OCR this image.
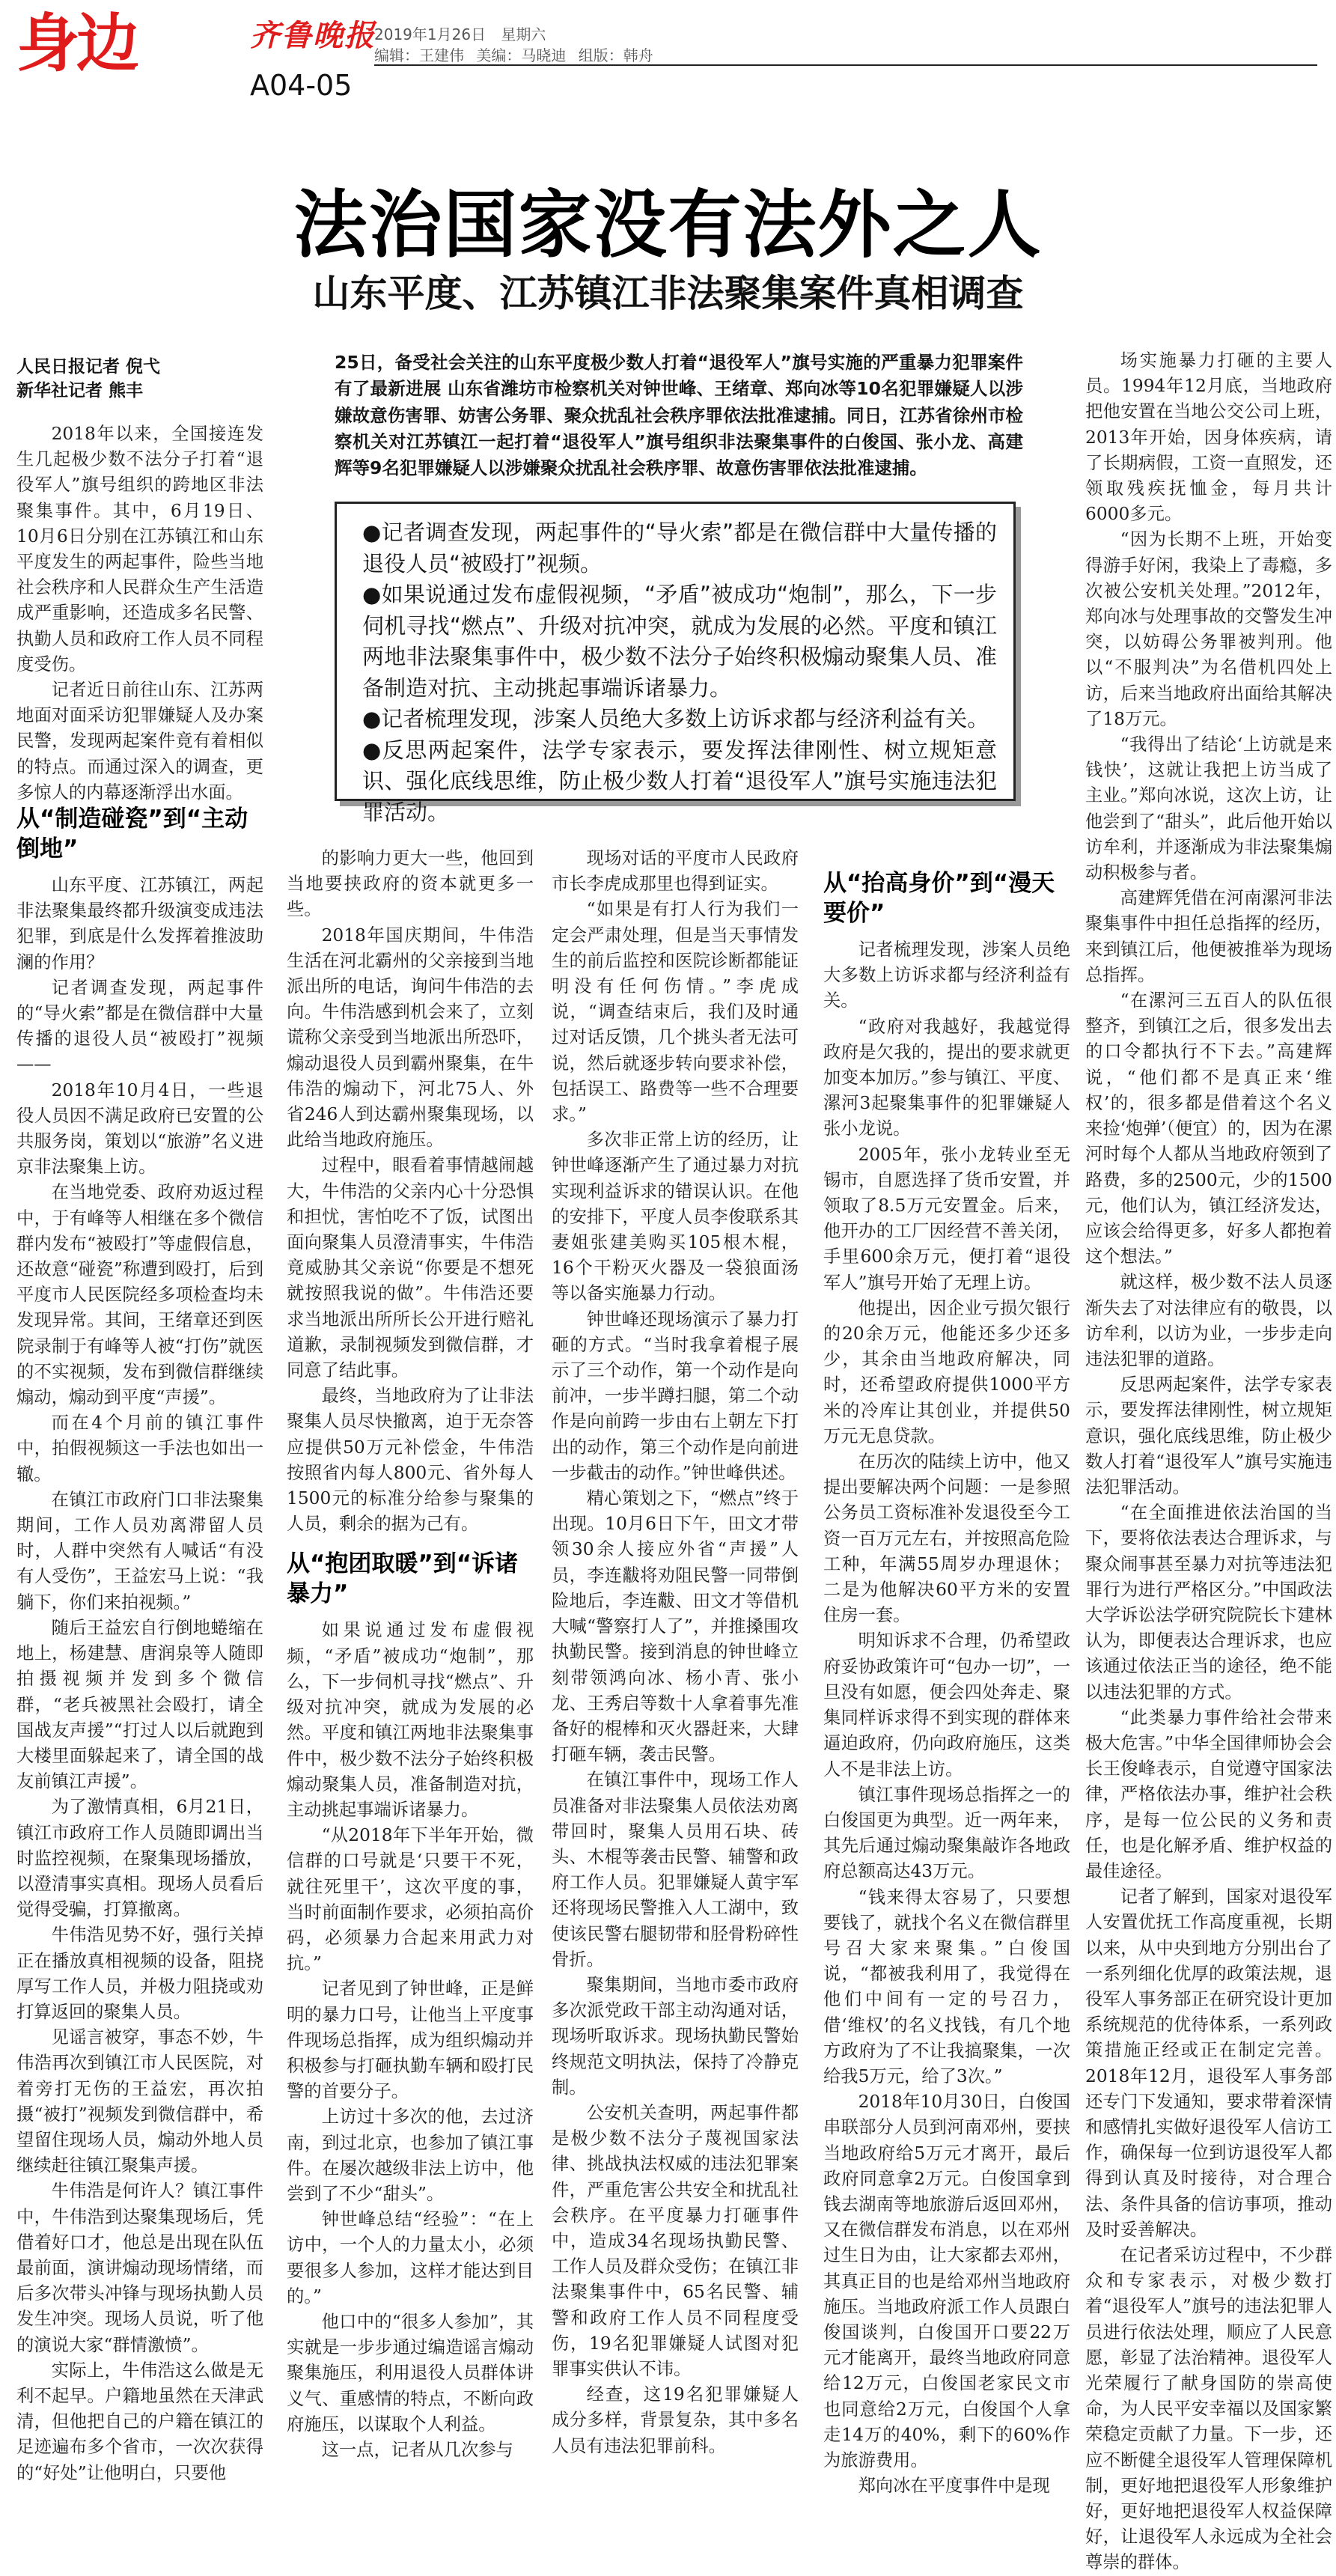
身边	齐鲁晚报
A04-05
2019年1月26日 星期六
编辑：王建伟 美编：马晓迪 组版：韩舟
法治国家没有法外之人
山东平度、江苏镇江非法聚集案件真相调查
人民日报记者 倪弋
新华社记者 熊丰
25日，备受社会关注的山东平度极少数人打着“退役军人”旗号实施的严重暴力犯罪案件有了最新进展 山东省潍坊市检察机关对钟世峰、王绪章、郑向冰等10名犯罪嫌疑人以涉嫌故意伤害罪、妨害公务罪、聚众扰乱社会秩序罪依法批准逮捕。同日，江苏省徐州市检察机关对江苏镇江一起打着“退役军人”旗号组织非法聚集事件的白俊国、张小龙、高建辉等9名犯罪嫌疑人以涉嫌聚众扰乱社会秩序罪、故意伤害罪依法批准逮捕。

●记者调查发现，两起事件的“导火索”都是在微信群中大量传播的退役人员“被殴打”视频。

●如果说通过发布虚假视频，“矛盾”被成功“炮制”，那么，下一步伺机寻找“燃点”、升级对抗冲突，就成为发展的必然。平度和镇江两地非法聚集事件中，极少数不法分子始终积极煽动聚集人员、准备制造对抗、主动挑起事端诉诸暴力。

●记者梳理发现，涉案人员绝大多数上访诉求都与经济利益有关。

●反思两起案件，法学专家表示，要发挥法律刚性、树立规矩意识、强化底线思维，防止极少数人打着“退役军人”旗号实施违法犯罪活动。

2018年以来，全国接连发生几起极少数不法分子打着“退役军人”旗号组织的跨地区非法聚集事件。其中，6月19日、10月6日分别在江苏镇江和山东平度发生的两起事件，险些当地社会秩序和人民群众生产生活造成严重影响，还造成多名民警、执勤人员和政府工作人员不同程度受伤。

记者近日前往山东、江苏两地面对面采访犯罪嫌疑人及办案民警，发现两起案件竟有着相似的特点。而通过深入的调查，更多惊人的内幕逐渐浮出水面。

从“制造碰瓷”到“主动倒地”

山东平度、江苏镇江，两起非法聚集最终都升级演变成违法犯罪，到底是什么发挥着推波助澜的作用？

记者调查发现，两起事件的“导火索”都是在微信群中大量传播的退役人员“被殴打”视频——

2018年10月4日，一些退役人员因不满足政府已安置的公共服务岗，策划以“旅游”名义进京非法聚集上访。

在当地党委、政府劝返过程中，于有峰等人相继在多个微信群内发布“被殴打”等虚假信息，还故意“碰瓷”称遭到殴打，后到平度市人民医院经多项检查均未发现异常。其间，王绪章还到医院录制于有峰等人被“打伤”就医的不实视频，发布到微信群继续煽动，煽动到平度“声援”。

而在4个月前的镇江事件中，拍假视频这一手法也如出一辙。

在镇江市政府门口非法聚集期间，工作人员劝离滞留人员时，人群中突然有人喊话“有没有人受伤”，王益宏马上说：“我躺下，你们来拍视频。”

随后王益宏自行倒地蜷缩在地上，杨建慧、唐润泉等人随即拍摄视频并发到多个微信群，“老兵被黑社会殴打，请全国战友声援”“打过人以后就跑到大楼里面躲起来了，请全国的战友前镇江声援”。

为了激情真相，6月21日，镇江市政府工作人员随即调出当时监控视频，在聚集现场播放，以澄清事实真相。现场人员看后觉得受骗，打算撤离。

牛伟浩见势不好，强行关掉正在播放真相视频的设备，阻挠厚写工作人员，并极力阻挠或劝打算返回的聚集人员。

见谣言被穿，事态不妙，牛伟浩再次到镇江市人民医院，对着旁打无伤的王益宏，再次拍摄“被打”视频发到微信群中，希望留住现场人员，煽动外地人员继续赶往镇江聚集声援。

牛伟浩是何许人？镇江事件中，牛伟浩到达聚集现场后，凭借着好口才，他总是出现在队伍最前面，演讲煽动现场情绪，而后多次带头冲锋与现场执勤人员发生冲突。现场人员说，听了他的演说大家“群情激愤”。

实际上，牛伟浩这么做是无利不起早。户籍地虽然在天津武清，但他把自己的户籍在镇江的足迹遍布多个省市，一次次获得的“好处”让他明白，只要他

的影响力更大一些，他回到当地要挟政府的资本就更多一些。

2018年国庆期间，牛伟浩生活在河北霸州的父亲接到当地派出所的电话，询问牛伟浩的去向。牛伟浩感到机会来了，立刻谎称父亲受到当地派出所恐吓，煽动退役人员到霸州聚集，在牛伟浩的煽动下，河北75人、外省246人到达霸州聚集现场，以此给当地政府施压。

过程中，眼看着事情越闹越大，牛伟浩的父亲内心十分恐惧和担忧，害怕吃不了饭，试图出面向聚集人员澄清事实，牛伟浩竟威胁其父亲说“你要是不想死就按照我说的做”。牛伟浩还要求当地派出所所长公开进行赔礼道歉，录制视频发到微信群，才同意了结此事。

最终，当地政府为了让非法聚集人员尽快撤离，迫于无奈答应提供50万元补偿金，牛伟浩按照省内每人800元、省外每人1500元的标准分给参与聚集的人员，剩余的据为己有。

从“抱团取暖”到“诉诸暴力”

如果说通过发布虚假视频，“矛盾”被成功“炮制”，那么，下一步伺机寻找“燃点”、升级对抗冲突，就成为发展的必然。平度和镇江两地非法聚集事件中，极少数不法分子始终积极煽动聚集人员，准备制造对抗，主动挑起事端诉诸暴力。

“从2018年下半年开始，微信群的口号就是‘只要干不死，就往死里干’，这次平度的事，当时前面制作要求，必须拍高价码，必须暴力合起来用武力对抗。”

记者见到了钟世峰，正是鲜明的暴力口号，让他当上平度事件现场总指挥，成为组织煽动并积极参与打砸执勤车辆和殴打民警的首要分子。

上访过十多次的他，去过济南，到过北京，也参加了镇江事件。在屡次越级非法上访中，他尝到了不少“甜头”。

钟世峰总结“经验”：“在上访中，一个人的力量太小，必须要很多人参加，这样才能达到目的。”

他口中的“很多人参加”，其实就是一步步通过编造谣言煽动聚集施压，利用退役人员群体讲义气、重感情的特点，不断向政府施压，以谋取个人利益。

这一点，记者从几次参与

现场对话的平度市人民政府市长李虎成那里也得到证实。

“如果是有打人行为我们一定会严肃处理，但是当天事情发生的前后监控和医院诊断都能证明没有任何伤情。”李虎成说，“调查结束后，我们及时通过对话反馈，几个挑头者无法可说，然后就逐步转向要求补偿，包括误工、路费等一些不合理要求。”

多次非正常上访的经历，让钟世峰逐渐产生了通过暴力对抗实现利益诉求的错误认识。在他的安排下，平度人员李俊联系其妻姐张建美购买105根木棍，16个干粉灭火器及一袋狼面汤等以备实施暴力行动。

钟世峰还现场演示了暴力打砸的方式。“当时我拿着棍子展示了三个动作，第一个动作是向前冲，一步半蹲扫腿，第二个动作是向前跨一步由右上朝左下打出的动作，第三个动作是向前进一步截击的动作。”钟世峰供述。

精心策划之下，“燃点”终于出现。10月6日下午，田文才带领30余人接应外省“声援”人员，李连黻将劝阻民警一同带倒险地后，李连黻、田文才等借机大喊“警察打人了”，并推搡围攻执勤民警。接到消息的钟世峰立刻带领鸿向冰、杨小青、张小龙、王秀启等数十人拿着事先准备好的棍棒和灭火器赶来，大肆打砸车辆，袭击民警。

在镇江事件中，现场工作人员准备对非法聚集人员依法劝离带回时，聚集人员用石块、砖头、木棍等袭击民警、辅警和政府工作人员。犯罪嫌疑人黄宇军还将现场民警推入人工湖中，致使该民警右腿韧带和胫骨粉碎性骨折。

聚集期间，当地市委市政府多次派党政干部主动沟通对话，现场听取诉求。现场执勤民警始终规范文明执法，保持了冷静克制。

公安机关查明，两起事件都是极少数不法分子蔑视国家法律、挑战执法权威的违法犯罪案件，严重危害公共安全和扰乱社会秩序。在平度暴力打砸事件中，造成34名现场执勤民警、工作人员及群众受伤；在镇江非法聚集事件中，65名民警、辅警和政府工作人员不同程度受伤，19名犯罪嫌疑人试图对犯罪事实供认不讳。

经查，这19名犯罪嫌疑人成分多样，背景复杂，其中多名人员有违法犯罪前科。

从“抬高身价”到“漫天要价”

记者梳理发现，涉案人员绝大多数上访诉求都与经济利益有关。

“政府对我越好，我越觉得政府是欠我的，提出的要求就更加变本加厉。”参与镇江、平度、漯河3起聚集事件的犯罪嫌疑人张小龙说。

2005年，张小龙转业至无锡市，自愿选择了货币安置，并领取了8.5万元安置金。后来，他开办的工厂因经营不善关闭，手里600余万元，便打着“退役军人”旗号开始了无理上访。

他提出，因企业亏损欠银行的20余万元，他能还多少还多少，其余由当地政府解决，同时，还希望政府提供1000平方米的冷库让其创业，并提供50万元无息贷款。

在历次的陆续上访中，他又提出要解决两个问题：一是参照公务员工资标准补发退役至今工资一百万元左右，并按照高危险工种，年满55周岁办理退休；二是为他解决60平方米的安置住房一套。

明知诉求不合理，仍希望政府妥协政策许可“包办一切”，一旦没有如愿，便会四处奔走、聚集同样诉求得不到实现的群体来逼迫政府，仍向政府施压，这类人不是非法上访。

镇江事件现场总指挥之一的白俊国更为典型。近一两年来，其先后通过煽动聚集敲诈各地政府总额高达43万元。

“钱来得太容易了，只要想要钱了，就找个名义在微信群里号召大家来聚集。”白俊国说，“都被我利用了，我觉得在他们中间有一定的号召力，借‘维权’的名义找钱，有几个地方政府为了不让我搞聚集，一次给我5万元，给了3次。”

2018年10月30日，白俊国串联部分人员到河南邓州，要挟当地政府给5万元才离开，最后政府同意拿2万元。白俊国拿到钱去湖南等地旅游后返回邓州，又在微信群发布消息，以在邓州过生日为由，让大家都去邓州，其真正目的也是给邓州当地政府施压。当地政府派工作人员跟白俊国谈判，白俊国开口要22万元才能离开，最终当地政府同意给12万元，白俊国老家民文市也同意给2万元，白俊国个人拿走14万的40%，剩下的60%作为旅游费用。

郑向冰在平度事件中是现

场实施暴力打砸的主要人员。1994年12月底，当地政府把他安置在当地公交公司上班，2013年开始，因身体疾病，请了长期病假，工资一直照发，还领取残疾抚恤金，每月共计6000多元。

“因为长期不上班，开始变得游手好闲，我染上了毒瘾，多次被公安机关处理。”2012年，郑向冰与处理事故的交警发生冲突，以妨碍公务罪被判刑。他以“不服判决”为名借机四处上访，后来当地政府出面给其解决了18万元。

“我得出了结论‘上访就是来钱快’，这就让我把上访当成了主业。”郑向冰说，这次上访，让他尝到了“甜头”，此后他开始以访牟利，并逐渐成为非法聚集煽动积极参与者。

高建辉凭借在河南漯河非法聚集事件中担任总指挥的经历，来到镇江后，他便被推举为现场总指挥。

“在漯河三五百人的队伍很整齐，到镇江之后，很多发出去的口令都执行不下去。”高建辉说，“他们都不是真正来‘维权’的，很多都是借着这个名义来捡‘炮弹’（便宜）的，因为在漯河时每个人都从当地政府领到了路费，多的2500元，少的1500元，他们认为，镇江经济发达，应该会给得更多，好多人都抱着这个想法。”

就这样，极少数不法人员逐渐失去了对法律应有的敬畏，以访牟利，以访为业，一步步走向违法犯罪的道路。

反思两起案件，法学专家表示，要发挥法律刚性，树立规矩意识，强化底线思维，防止极少数人打着“退役军人”旗号实施违法犯罪活动。

“在全面推进依法治国的当下，要将依法表达合理诉求，与聚众闹事甚至暴力对抗等违法犯罪行为进行严格区分。”中国政法大学诉讼法学研究院院长卞建林认为，即便表达合理诉求，也应该通过依法正当的途径，绝不能以违法犯罪的方式。

“此类暴力事件给社会带来极大危害。”中华全国律师协会会长王俊峰表示，自觉遵守国家法律，严格依法办事，维护社会秩序，是每一位公民的义务和责任，也是化解矛盾、维护权益的最佳途径。

记者了解到，国家对退役军人安置优抚工作高度重视，长期以来，从中央到地方分别出台了一系列细化优厚的政策法规，退役军人事务部正在研究设计更加系统规范的优待体系，一系列政策措施正经或正在制定完善。2018年12月，退役军人事务部还专门下发通知，要求带着深情和感情扎实做好退役军人信访工作，确保每一位到访退役军人都得到认真及时接待，对合理合法、条件具备的信访事项，推动及时妥善解决。

在记者采访过程中，不少群众和专家表示，对极少数打着“退役军人”旗号的违法犯罪人员进行依法处理，顺应了人民意愿，彰显了法治精神。退役军人光荣履行了献身国防的崇高使命，为人民平安幸福以及国家繁荣稳定贡献了力量。下一步，还应不断健全退役军人管理保障机制，更好地把退役军人形象维护好，更好地把退役军人权益保障好，让退役军人永远成为全社会尊崇的群体。
